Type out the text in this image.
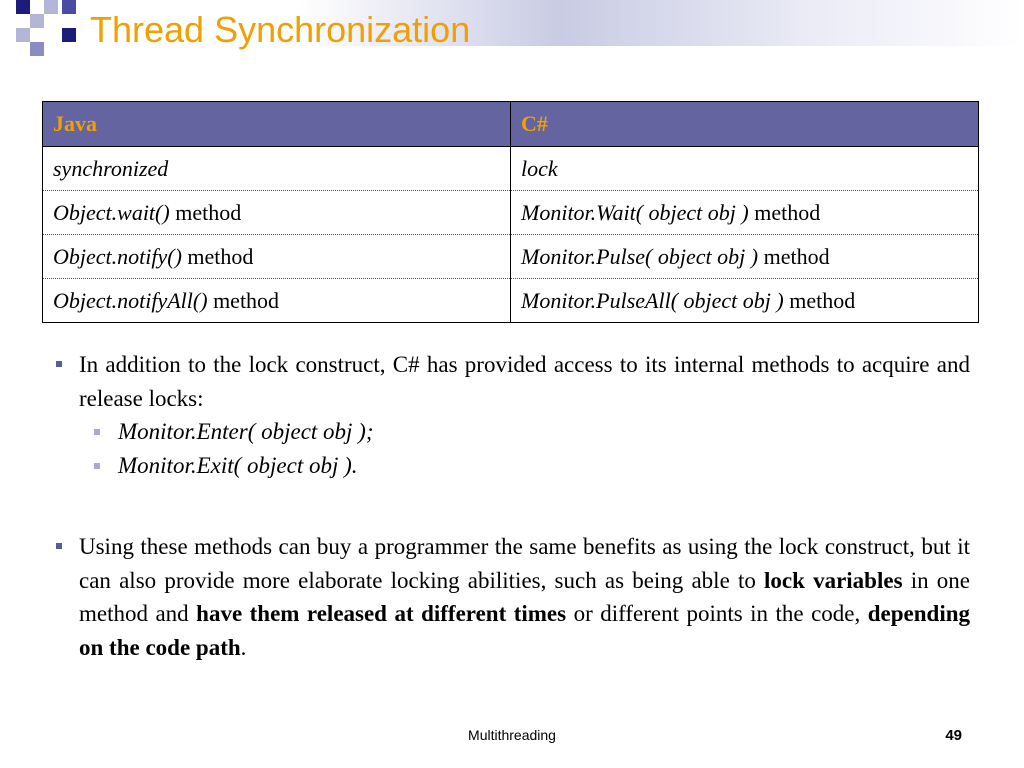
Thread Synchronization
Java	C#
synchronized	lock
Object.wait() method	Monitor.Wait( object obj ) method
Object.notify() method	Monitor.Pulse( object obj ) method
Object.notifyAll() method	Monitor.PulseAll( object obj ) method
In addition to the lock construct, C# has provided access to its internal methods to acquire and release locks:
Monitor.Enter( object obj );
Monitor.Exit( object obj ).
Using these methods can buy a programmer the same benefits as using the lock construct, but it can also provide more elaborate locking abilities, such as being able to lock variables in one method and have them released at different times or different points in the code, depending on the code path.
Multithreading	49
